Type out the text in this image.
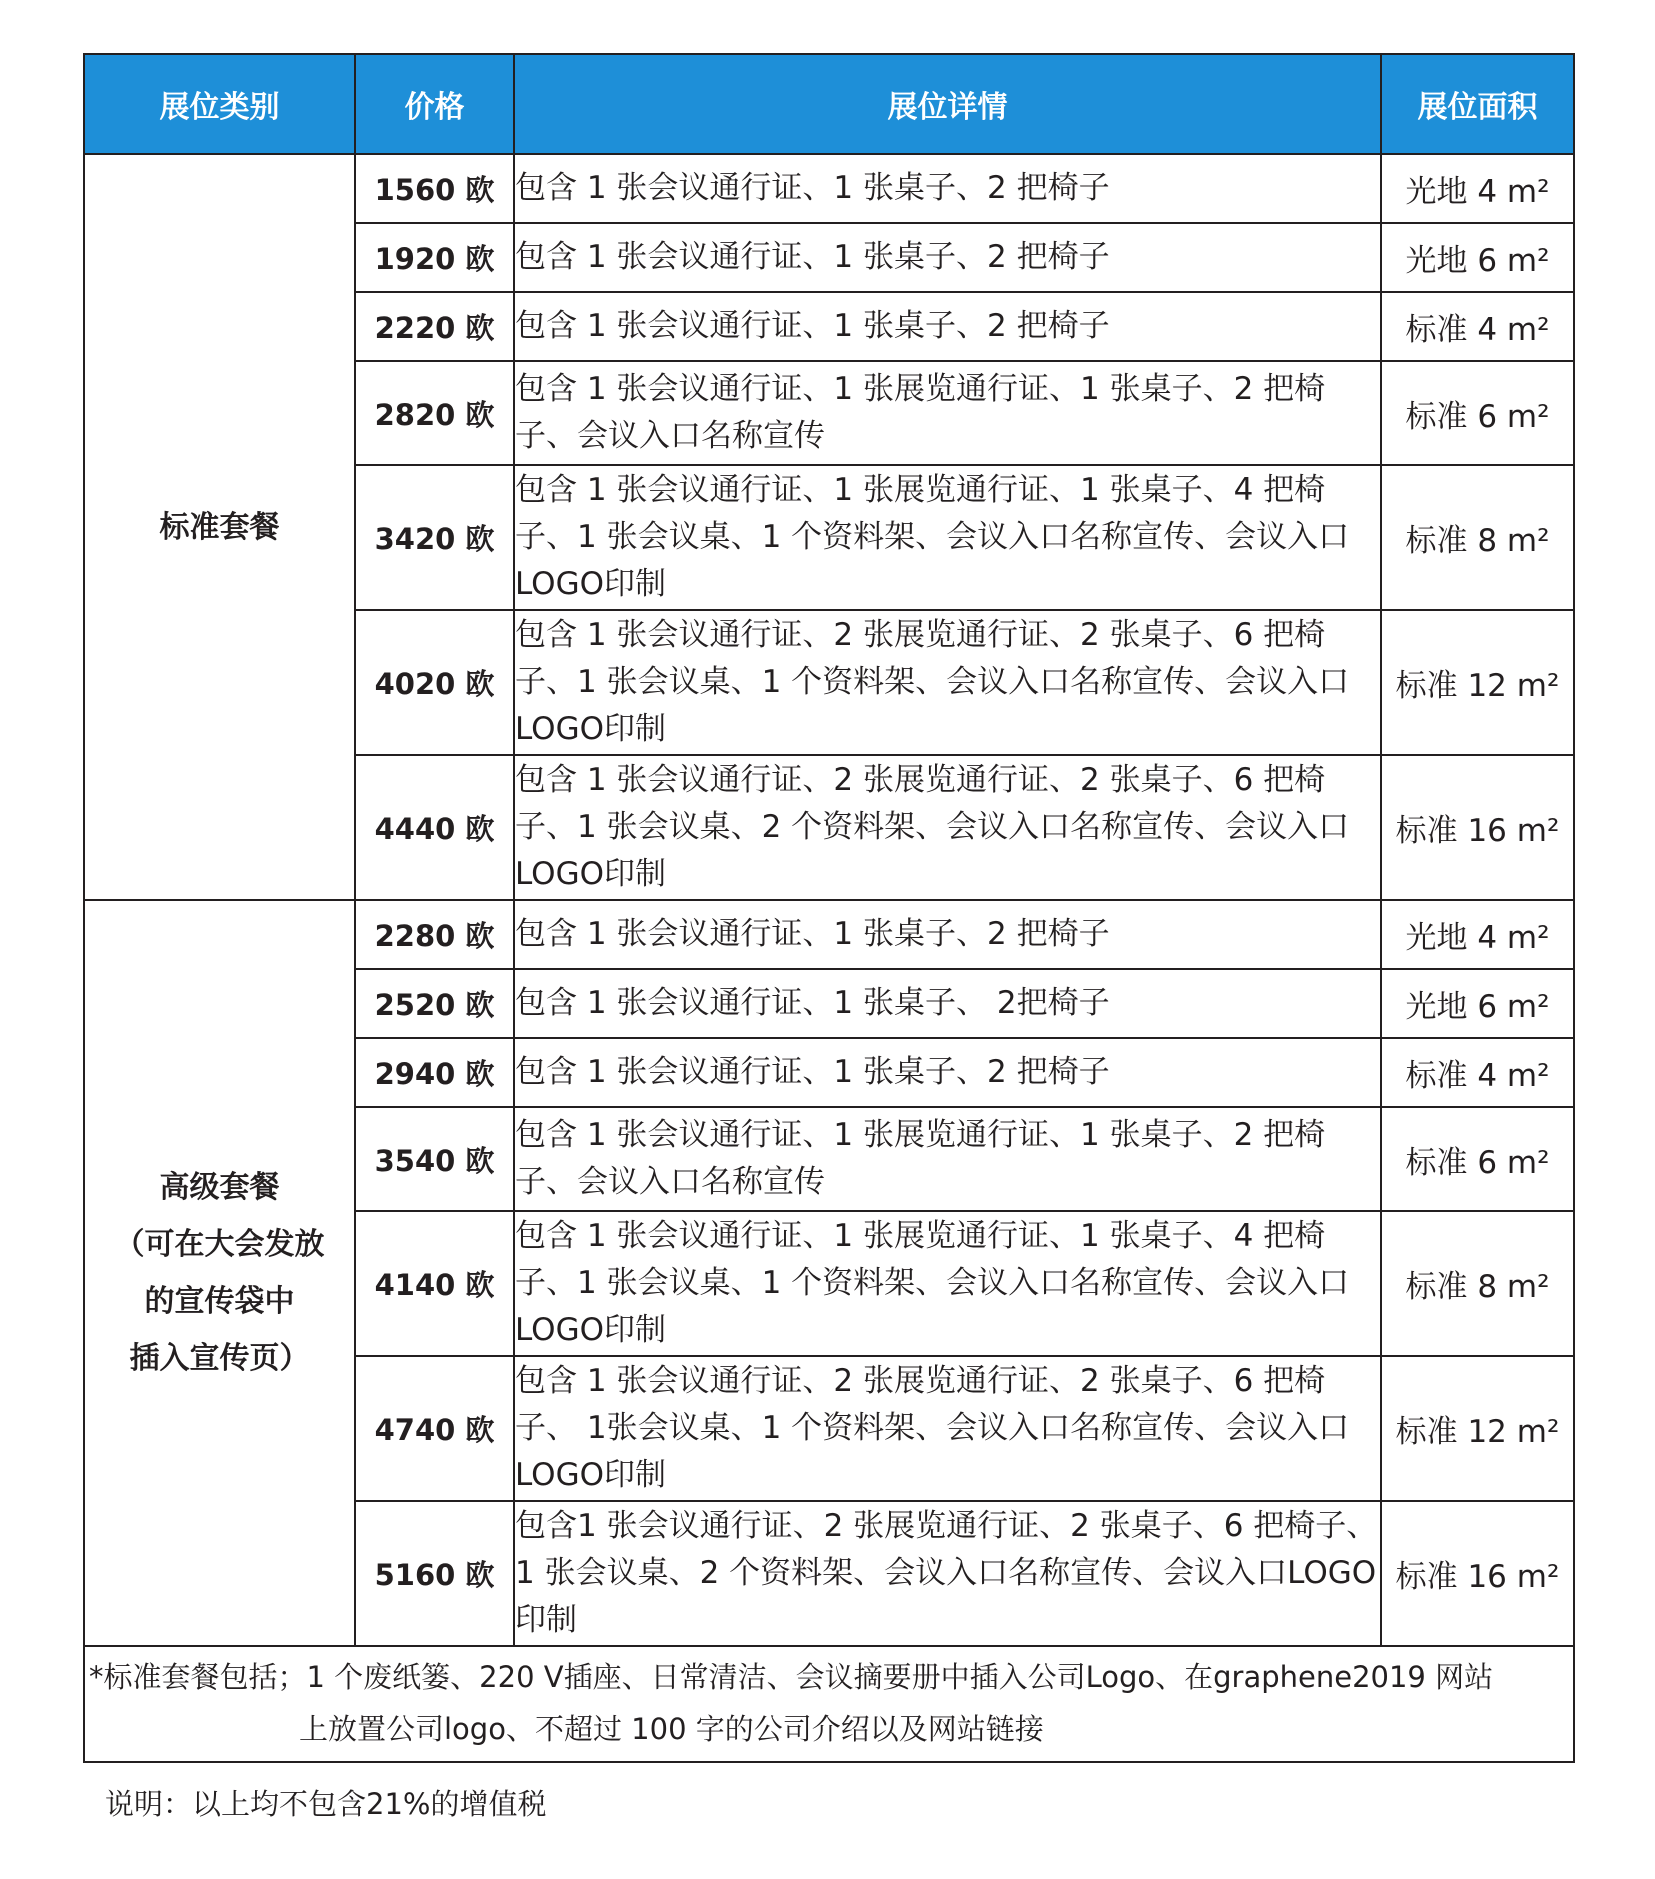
展位类别	价格	展位详情	展位面积

标准套餐	1560 欧	包含 1 张会议通行证、1 张桌子、2 把椅子	光地 4 m²
	1920 欧	包含 1 张会议通行证、1 张桌子、2 把椅子	光地 6 m²
	2220 欧	包含 1 张会议通行证、1 张桌子、2 把椅子	标准 4 m²
	2820 欧	包含 1 张会议通行证、1 张展览通行证、1 张桌子、2 把椅子、会议入口名称宣传	标准 6 m²
	3420 欧	包含 1 张会议通行证、1 张展览通行证、1 张桌子、4 把椅子、1 张会议桌、1 个资料架、会议入口名称宣传、会议入口LOGO印制	标准 8 m²
	4020 欧	包含 1 张会议通行证、2 张展览通行证、2 张桌子、6 把椅子、1 张会议桌、1 个资料架、会议入口名称宣传、会议入口LOGO印制	标准 12 m²
	4440 欧	包含 1 张会议通行证、2 张展览通行证、2 张桌子、6 把椅子、1 张会议桌、2 个资料架、会议入口名称宣传、会议入口LOGO印制	标准 16 m²

高级套餐
（可在大会发放
的宣传袋中
插入宣传页）	2280 欧	包含 1 张会议通行证、1 张桌子、2 把椅子	光地 4 m²
	2520 欧	包含 1 张会议通行证、1 张桌子、 2把椅子	光地 6 m²
	2940 欧	包含 1 张会议通行证、1 张桌子、2 把椅子	标准 4 m²
	3540 欧	包含 1 张会议通行证、1 张展览通行证、1 张桌子、2 把椅子、会议入口名称宣传	标准 6 m²
	4140 欧	包含 1 张会议通行证、1 张展览通行证、1 张桌子、4 把椅子、1 张会议桌、1 个资料架、会议入口名称宣传、会议入口LOGO印制	标准 8 m²
	4740 欧	包含 1 张会议通行证、2 张展览通行证、2 张桌子、6 把椅子、 1张会议桌、1 个资料架、会议入口名称宣传、会议入口LOGO印制	标准 12 m²
	5160 欧	包含1 张会议通行证、2 张展览通行证、2 张桌子、6 把椅子、1 张会议桌、2 个资料架、会议入口名称宣传、会议入口LOGO印制	标准 16 m²

*标准套餐包括；1 个废纸篓、220 V插座、日常清洁、会议摘要册中插入公司Logo、在graphene2019 网站
上放置公司logo、不超过 100 字的公司介绍以及网站链接			
说明：以上均不包含21%的增值税
